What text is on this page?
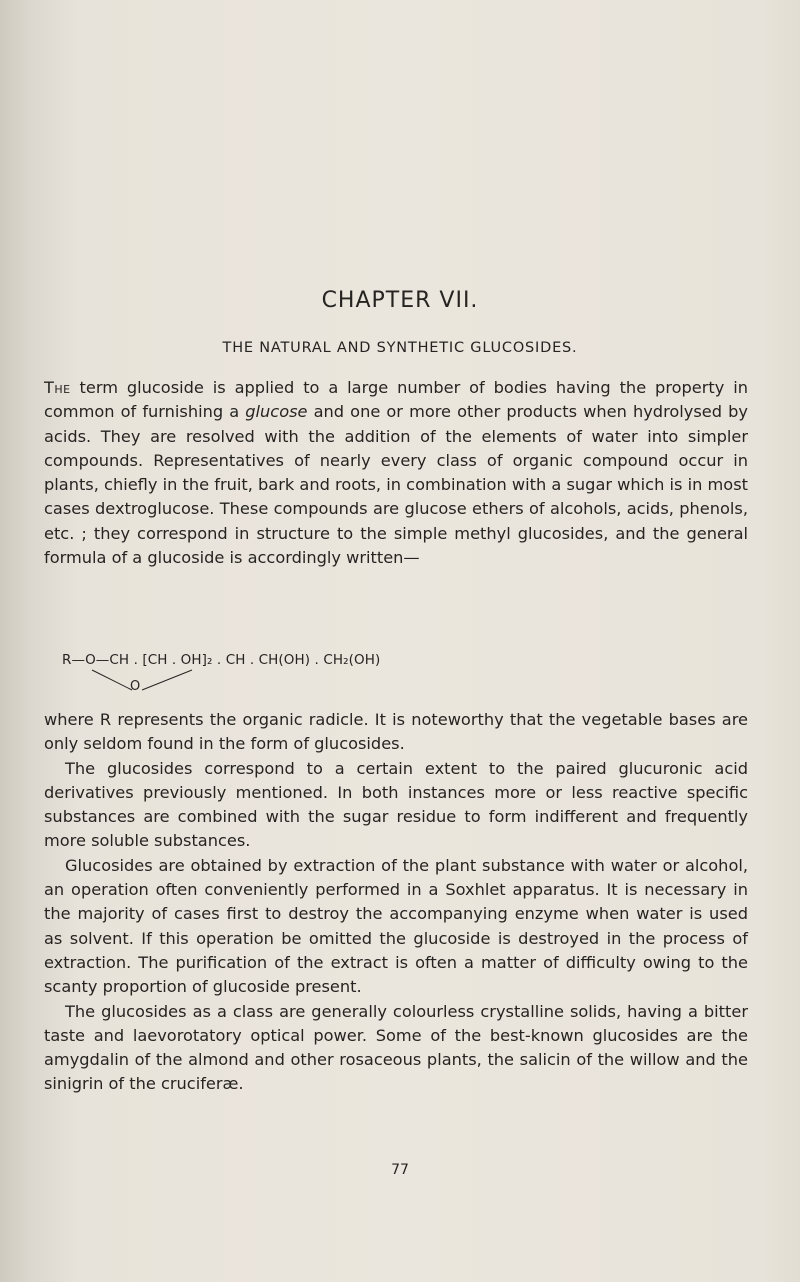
CHAPTER VII.
THE NATURAL AND SYNTHETIC GLUCOSIDES.

The term glucoside is applied to a large number of bodies having the property in common of furnishing a glucose and one or more other products when hydrolysed by acids. They are resolved with the addition of the elements of water into simpler compounds. Representatives of nearly every class of organic compound occur in plants, chiefly in the fruit, bark and roots, in combination with a sugar which is in most cases dextroglucose. These compounds are glucose ethers of alcohols, acids, phenols, etc. ; they correspond in structure to the simple methyl glucosides, and the general formula of a glucoside is accordingly written—

R—O—CH . [CH . OH]₂ . CH . CH(OH) . CH₂(OH)
O

where R represents the organic radicle. It is noteworthy that the vegetable bases are only seldom found in the form of glucosides.

The glucosides correspond to a certain extent to the paired glucuronic acid derivatives previously mentioned. In both instances more or less reactive specific substances are combined with the sugar residue to form indifferent and frequently more soluble substances.

Glucosides are obtained by extraction of the plant substance with water or alcohol, an operation often conveniently performed in a Soxhlet apparatus. It is necessary in the majority of cases first to destroy the accompanying enzyme when water is used as solvent. If this operation be omitted the glucoside is destroyed in the process of extraction. The purification of the extract is often a matter of difficulty owing to the scanty proportion of glucoside present.

The glucosides as a class are generally colourless crystalline solids, having a bitter taste and laevorotatory optical power. Some of the best-known glucosides are the amygdalin of the almond and other rosaceous plants, the salicin of the willow and the sinigrin of the cruciferæ.

77
